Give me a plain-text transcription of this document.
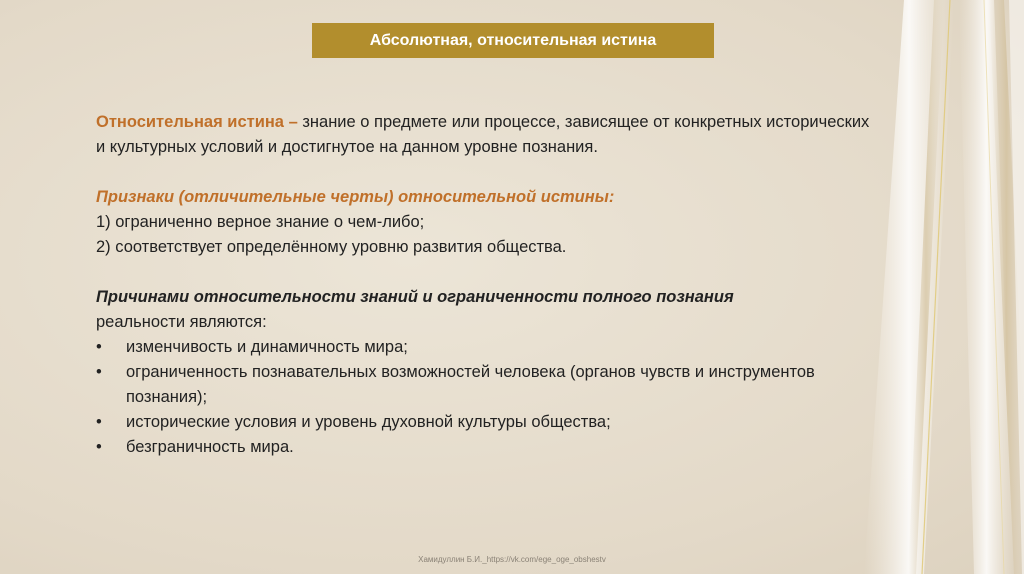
Абсолютная, относительная истина

Относительная истина – знание о предмете или процессе, зависящее от конкретных исторических и культурных условий и достигнутое на данном уровне познания.

Признаки (отличительные черты) относительной истины:

1) ограниченно верное знание о чем-либо;

2) соответствует определённому уровню развития общества.

Причинами относительности знаний и ограниченности полного познания
реальности являются:

• изменчивость и динамичность мира;
• ограниченность познавательных возможностей человека (органов чувств и инструментов познания);
• исторические условия и уровень духовной культуры общества;
• безграничность мира.
Хамидуллин Б.И._https://vk.com/ege_oge_obshestv
